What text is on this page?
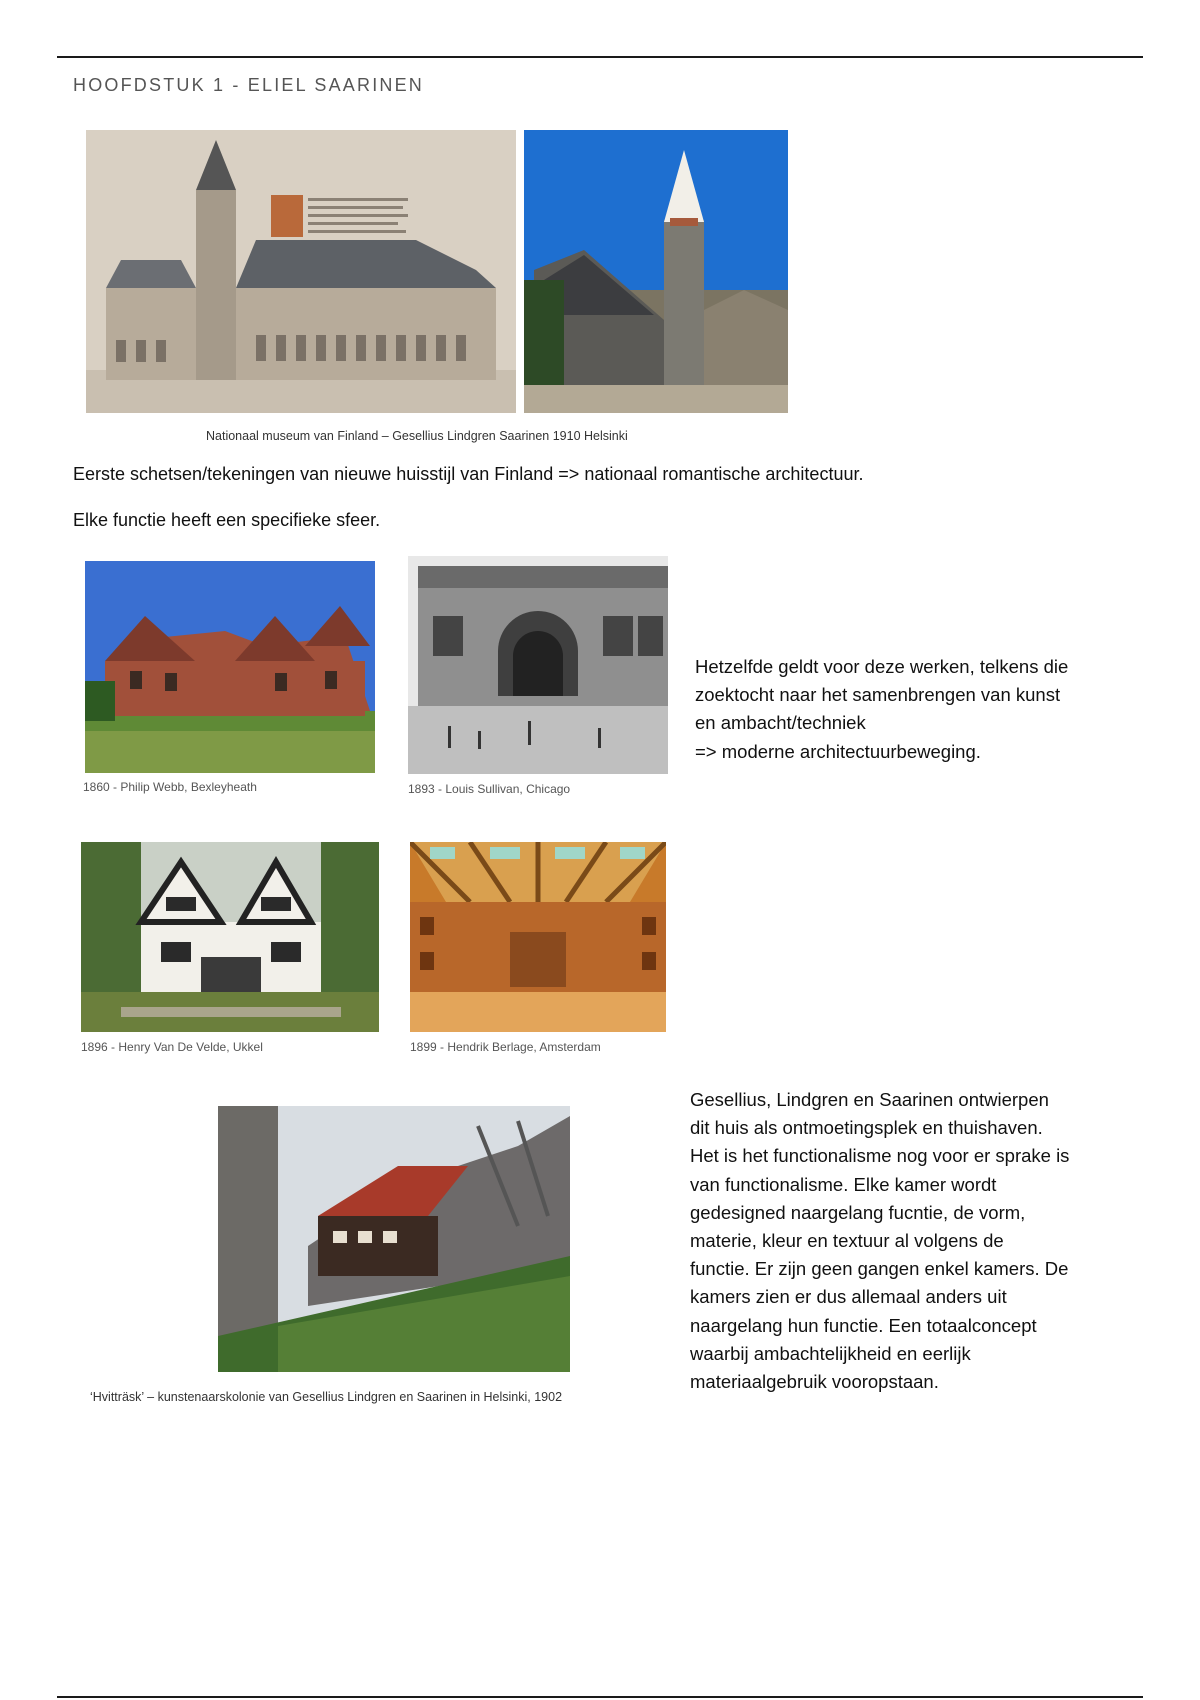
HOOFDSTUK 1 - ELIEL SAARINEN
Nationaal museum van Finland – Gesellius Lindgren Saarinen 1910 Helsinki
Eerste schetsen/tekeningen van nieuwe huisstijl van Finland => nationaal romantische architectuur.
Elke functie heeft een specifieke sfeer.
1860 - Philip Webb, Bexleyheath	1893 - Louis Sullivan, Chicago
Hetzelfde geldt voor deze werken, telkens die
zoektocht naar het samenbrengen van kunst
en ambacht/techniek
=> moderne architectuurbeweging.
1896 - Henry Van De Velde, Ukkel	1899 - Hendrik Berlage, Amsterdam
‘Hvitträsk’ – kunstenaarskolonie van Gesellius Lindgren en Saarinen in Helsinki, 1902
Gesellius, Lindgren en Saarinen ontwierpen
dit huis als ontmoetingsplek en thuishaven.
Het is het functionalisme nog voor er sprake is
van functionalisme. Elke kamer wordt
gedesigned naargelang fucntie, de vorm,
materie, kleur en textuur al volgens de
functie. Er zijn geen gangen enkel kamers. De
kamers zien er dus allemaal anders uit
naargelang hun functie. Een totaalconcept
waarbij ambachtelijkheid en eerlijk
materiaalgebruik vooropstaan.
